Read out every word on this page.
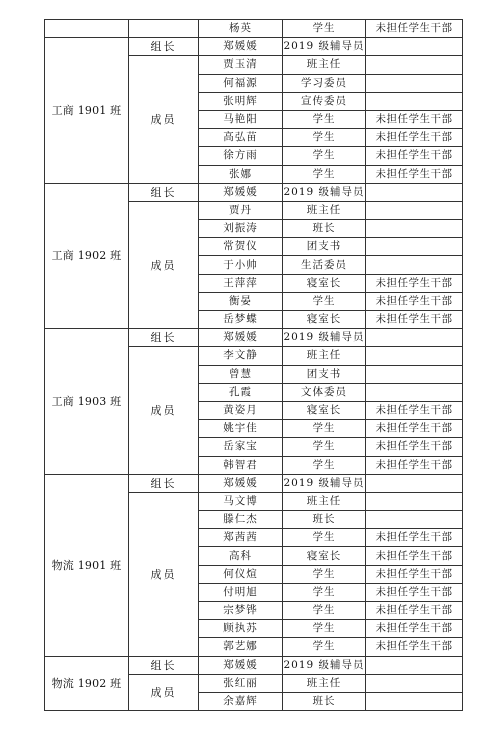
		杨英	学生	未担任学生干部
工商 1901 班	组长	郑媛媛	2019 级辅导员	
	成员	贾玉清	班主任	
		何福源	学习委员	
		张明辉	宣传委员	
		马艳阳	学生	未担任学生干部
		高弘苗	学生	未担任学生干部
		徐方雨	学生	未担任学生干部
		张娜	学生	未担任学生干部
工商 1902 班	组长	郑媛媛	2019 级辅导员	
	成员	贾丹	班主任	
		刘振涛	班长	
		常贺仪	团支书	
		于小帅	生活委员	
		王萍萍	寝室长	未担任学生干部
		衡晏	学生	未担任学生干部
		岳梦蝶	寝室长	未担任学生干部
工商 1903 班	组长	郑媛媛	2019 级辅导员	
	成员	李文静	班主任	
		曾慧	团支书	
		孔霞	文体委员	
		黄姿月	寝室长	未担任学生干部
		姚宇佳	学生	未担任学生干部
		岳家宝	学生	未担任学生干部
		韩智君	学生	未担任学生干部
物流 1901 班	组长	郑媛媛	2019 级辅导员	
	成员	马文博	班主任	
		滕仁杰	班长	
		郑茜茜	学生	未担任学生干部
		高科	寝室长	未担任学生干部
		何仪煊	学生	未担任学生干部
		付明旭	学生	未担任学生干部
		宗梦铧	学生	未担任学生干部
		顾执苏	学生	未担任学生干部
		郭艺娜	学生	未担任学生干部
物流 1902 班	组长	郑媛媛	2019 级辅导员	
	成员	张红丽	班主任	
		余嘉辉	班长	
